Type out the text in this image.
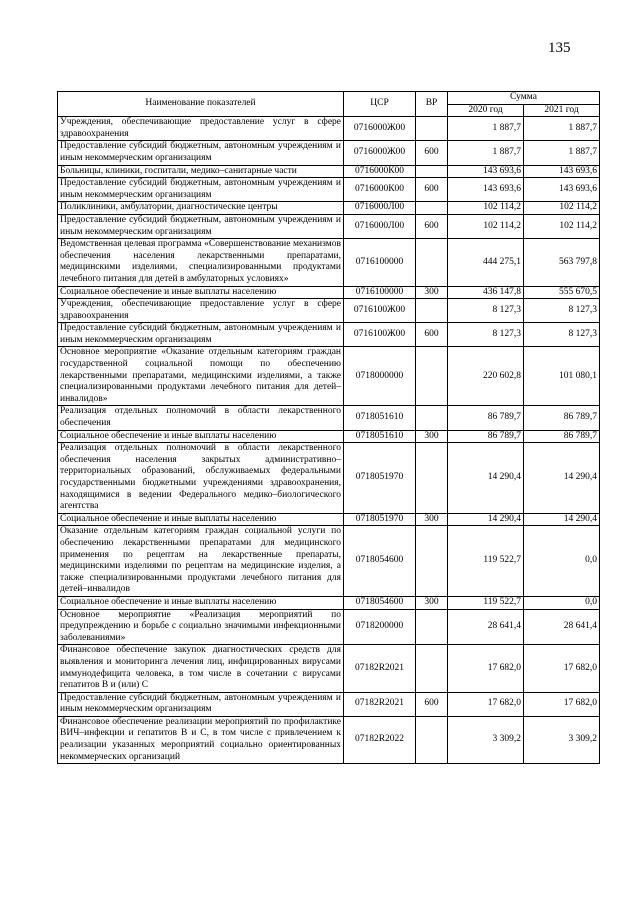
135
Наименование показателей	ЦСР	ВР	Сумма	
			2020 год	2021 год
Учреждения, обеспечивающие предоставление услуг в сфере здравоохранения	0716000Ж00		1 887,7	1 887,7
Предоставление субсидий бюджетным, автономным учреждениям и иным некоммерческим организациям	0716000Ж00	600	1 887,7	1 887,7
Больницы, клиники, госпитали, медико–санитарные части	0716000К00		143 693,6	143 693,6
Предоставление субсидий бюджетным, автономным учреждениям и иным некоммерческим организациям	0716000К00	600	143 693,6	143 693,6
Поликлиники, амбулатории, диагностические центры	0716000Л00		102 114,2	102 114,2
Предоставление субсидий бюджетным, автономным учреждениям и иным некоммерческим организациям	0716000Л00	600	102 114,2	102 114,2
Ведомственная целевая программа «Совершенствование механизмов обеспечения населения лекарственными препаратами, медицинскими изделиями, специализированными продуктами лечебного питания для детей в амбулаторных условиях»	0716100000		444 275,1	563 797,8
Социальное обеспечение и иные выплаты населению	0716100000	300	436 147,8	555 670,5
Учреждения, обеспечивающие предоставление услуг в сфере здравоохранения	0716100Ж00		8 127,3	8 127,3
Предоставление субсидий бюджетным, автономным учреждениям и иным некоммерческим организациям	0716100Ж00	600	8 127,3	8 127,3
Основное мероприятие «Оказание отдельным категориям граждан государственной социальной помощи по обеспечению лекарственными препаратами, медицинскими изделиями, а также специализированными продуктами лечебного питания для детей–инвалидов»	0718000000		220 602,8	101 080,1
Реализация отдельных полномочий в области лекарственного обеспечения	0718051610		86 789,7	86 789,7
Социальное обеспечение и иные выплаты населению	0718051610	300	86 789,7	86 789,7
Реализация отдельных полномочий в области лекарственного обеспечения населения закрытых административно–территориальных образований, обслуживаемых федеральными государственными бюджетными учреждениями здравоохранения, находящимися в ведении Федерального медико–биологического агентства	0718051970		14 290,4	14 290,4
Социальное обеспечение и иные выплаты населению	0718051970	300	14 290,4	14 290,4
Оказание отдельным категориям граждан социальной услуги по обеспечению лекарственными препаратами для медицинского применения по рецептам на лекарственные препараты, медицинскими изделиями по рецептам на медицинские изделия, а также специализированными продуктами лечебного питания для детей–инвалидов	0718054600		119 522,7	0,0
Социальное обеспечение и иные выплаты населению	0718054600	300	119 522,7	0,0
Основное мероприятие «Реализация мероприятий по предупреждению и борьбе с социально значимыми инфекционными заболеваниями»	0718200000		28 641,4	28 641,4
Финансовое обеспечение закупок диагностических средств для выявления и мониторинга лечения лиц, инфицированных вирусами иммунодефицита человека, в том числе в сочетании с вирусами гепатитов B и (или) C	07182R2021		17 682,0	17 682,0
Предоставление субсидий бюджетным, автономным учреждениям и иным некоммерческим организациям	07182R2021	600	17 682,0	17 682,0
Финансовое обеспечение реализации мероприятий по профилактике ВИЧ–инфекции и гепатитов B и C, в том числе с привлечением к реализации указанных мероприятий социально ориентированных некоммерческих организаций	07182R2022		3 309,2	3 309,2
